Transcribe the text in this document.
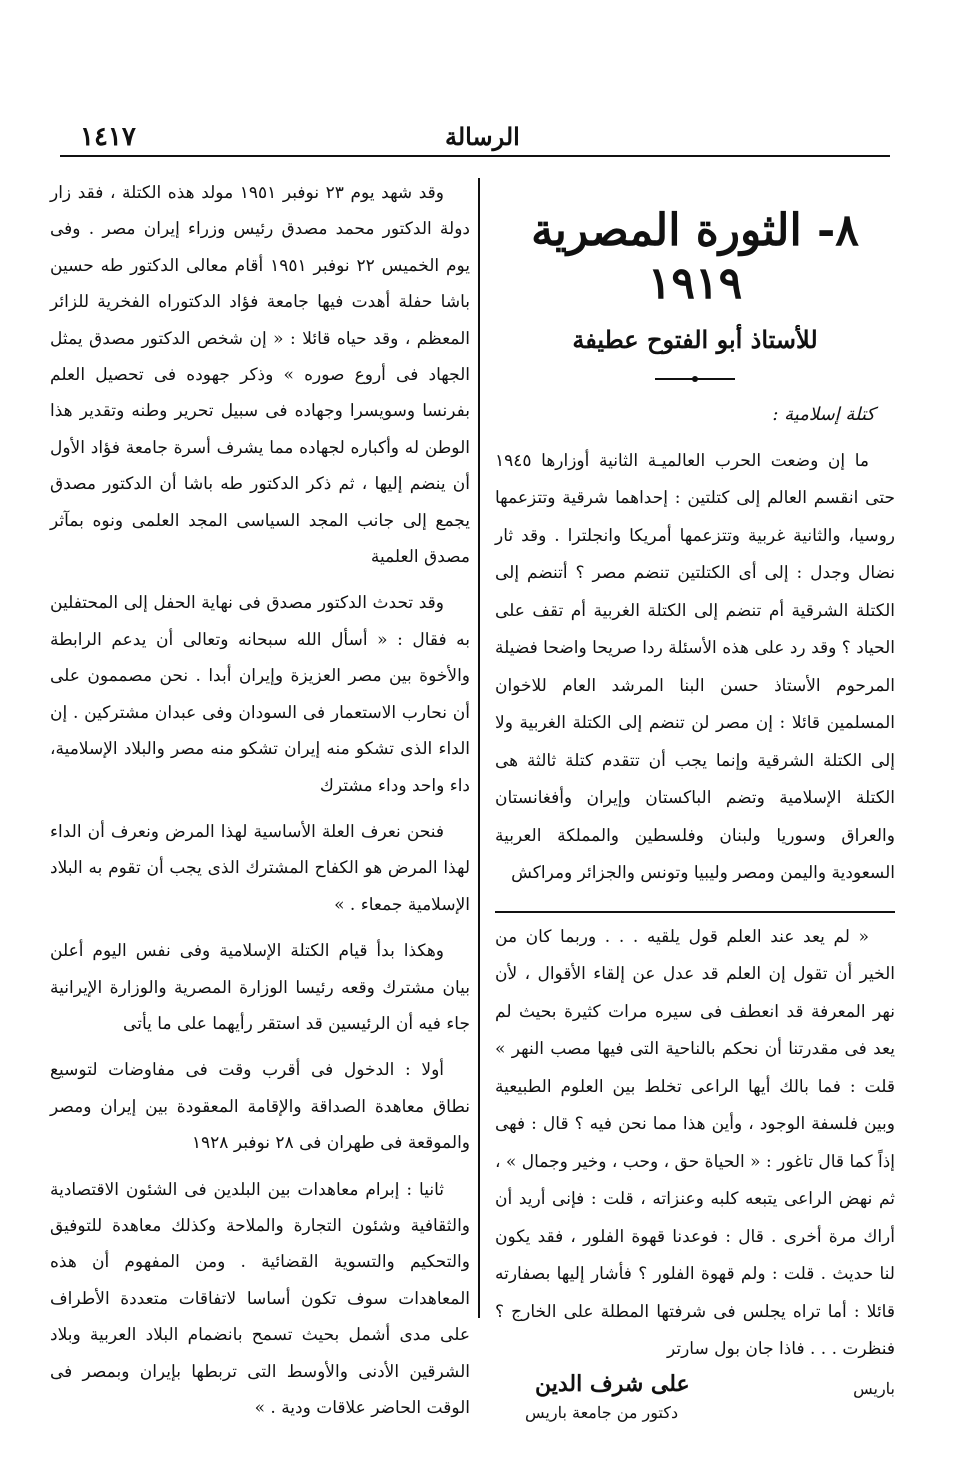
١٤١٧	الرسالة
٨- الثورة المصرية ١٩١٩
للأستاذ أبو الفتوح عطيفة
كتلة إسلامية :

ما إن وضعت الحرب العالميـة الثانية أوزارها ١٩٤٥ حتى انقسم العالم إلى كتلتين : إحداهما شرقية وتتزعمها روسيا، والثانية غربية وتتزعمها أمريكا وانجلترا . وقد ثار نضال وجدل : إلى أى الكتلتين تنضم مصر ؟ أتنضم إلى الكتلة الشرقية أم تنضم إلى الكتلة الغربية أم تقف على الحياد ؟ وقد رد على هذه الأسئلة ردا صريحا واضحا فضيلة المرحوم الأستاذ حسن البنا المرشد العام للاخوان المسلمين قائلا : إن مصر لن تنضم إلى الكتلة الغربية ولا إلى الكتلة الشرقية وإنما يجب أن تتقدم كتلة ثالثة هى الكتلة الإسلامية وتضم الباكستان وإيران وأفغانستان والعراق وسوريا ولبنان وفلسطين والمملكة العربية السعودية واليمن ومصر وليبيا وتونس والجزائر ومراكش

« لم يعد عند العلم قول يلقيه . . . وربما كان من الخير أن تقول إن العلم قد عدل عن إلقاء الأقوال ، لأن نهر المعرفة قد انعطف فى سيره مرات كثيرة بحيث لم يعد فى مقدرتنا أن نحكم بالناحية التى فيها مصب النهر » قلت : فما بالك أيها الراعى تخلط بين العلوم الطبيعية وبين فلسفة الوجود ، وأين هذا مما نحن فيه ؟ قال : فهى إذاً كما قال تاغور : « الحياة حق ، وحب ، وخير وجمال » ، ثم نهض الراعى يتبعه كلبه وعنزاته ، قلت : فإنى أريد أن أراك مرة أخرى . قال : فوعدنا قهوة الفلور ، فقد يكون لنا حديث . قلت : ولم قهوة الفلور ؟ فأشار إليها بصفارته قائلا : أما تراه يجلس فى شرفتها المطلة على الخارج ؟ فنظرت . . . فاذا جان بول سارتر

باريس
على شرف الدين
دكتور من جامعة باريس

وقد شهد يوم ٢٣ نوفبر ١٩٥١ مولد هذه الكتلة ، فقد زار دولة الدكتور محمد مصدق رئيس وزراء إيران مصر . وفى يوم الخميس ٢٢ نوفبر ١٩٥١ أقام معالى الدكتور طه حسين باشا حفلة أهدت فيها جامعة فؤاد الدكتوراه الفخرية للزائر المعظم ، وقد حياه قائلا : « إن شخص الدكتور مصدق يمثل الجهاد فى أروع صوره » وذكر جهوده فى تحصيل العلم بفرنسا وسويسرا وجهاده فى سبيل تحرير وطنه وتقدير هذا الوطن له وأكباره لجهاده مما يشرف أسرة جامعة فؤاد الأول أن ينضم إليها ، ثم ذكر الدكتور طه باشا أن الدكتور مصدق يجمع إلى جانب المجد السياسى المجد العلمى ونوه بمآثر مصدق العلمية

وقد تحدث الدكتور مصدق فى نهاية الحفل إلى المحتفلين به فقال : « أسأل الله سبحانه وتعالى أن يدعم الرابطة والأخوة بين مصر العزيزة وإيران أبدا . نحن مصممون على أن نحارب الاستعمار فى السودان وفى عبدان مشتركين . إن الداء الذى تشكو منه إيران تشكو منه مصر والبلاد الإسلامية، داء واحد وداء مشترك

فنحن نعرف العلة الأساسية لهذا المرض ونعرف أن الداء لهذا المرض هو الكفاح المشترك الذى يجب أن تقوم به البلاد الإسلامية جمعاء . »

وهكذا بدأ قيام الكتلة الإسلامية وفى نفس اليوم أعلن بيان مشترك وقعه رئيسا الوزارة المصرية والوزارة الإيرانية جاء فيه أن الرئيسين قد استقر رأيهما على ما يأتى

أولا : الدخول فى أقرب وقت فى مفاوضات لتوسيع نطاق معاهدة الصداقة والإقامة المعقودة بين إيران ومصر والموقعة فى طهران فى ٢٨ نوفبر ١٩٢٨

ثانيا : إبرام معاهدات بين البلدين فى الشئون الاقتصادية والثقافية وشئون التجارة والملاحة وكذلك معاهدة للتوفيق والتحكيم والتسوية القضائية . ومن المفهوم أن هذه المعاهدات سوف تكون أساسا لاتفاقات متعددة الأطراف على مدى أشمل بحيث تسمح بانضمام البلاد العربية وبلاد الشرقين الأدنى والأوسط التى تربطها بإيران وبمصر فى الوقت الحاضر علاقات ودية . »
